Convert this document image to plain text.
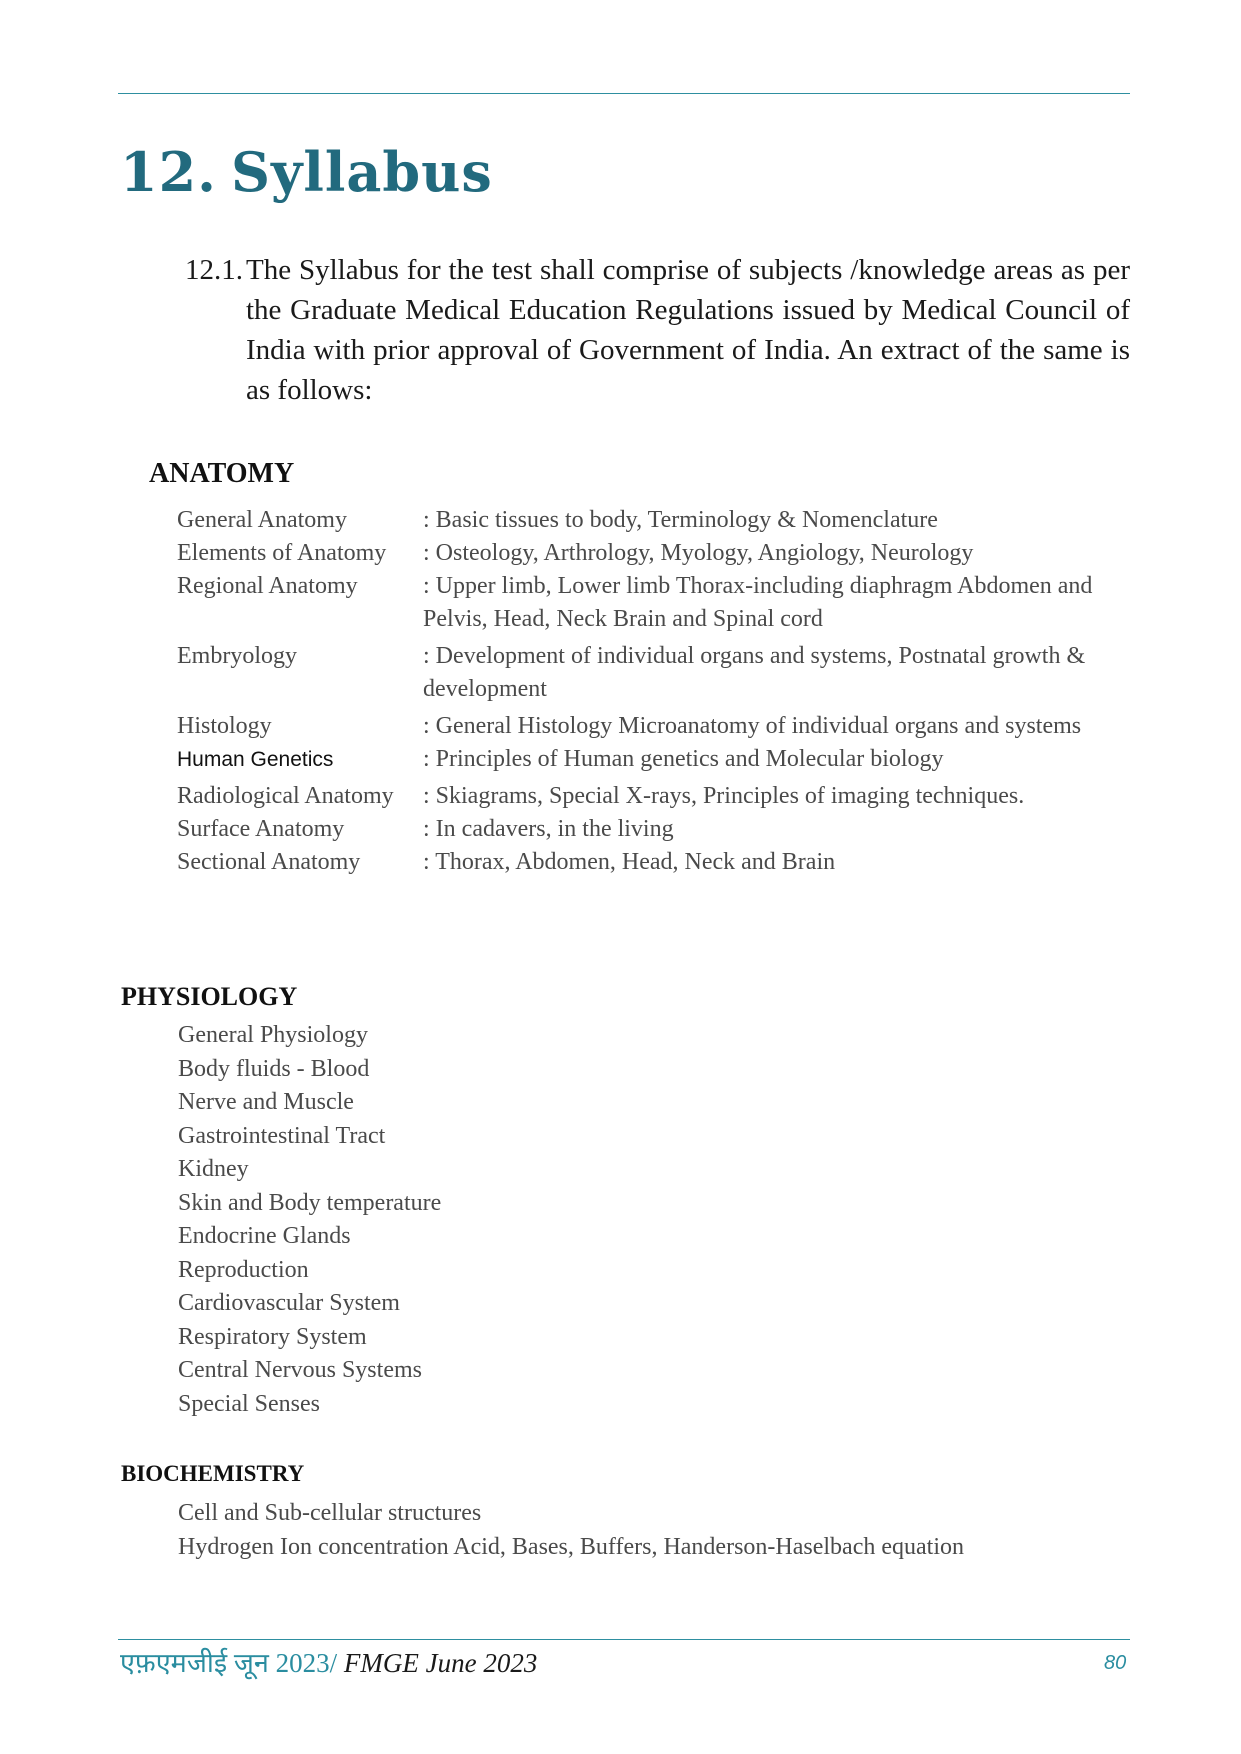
12. Syllabus
12.1. The Syllabus for the test shall comprise of subjects /knowledge areas as per the Graduate Medical Education Regulations issued by Medical Council of India with prior approval of Government of India. An extract of the same is as follows:
ANATOMY
General Anatomy	: Basic tissues to body, Terminology & Nomenclature
Elements of Anatomy	: Osteology, Arthrology, Myology, Angiology, Neurology
Regional Anatomy	: Upper limb, Lower limb Thorax-including diaphragm Abdomen and Pelvis, Head, Neck Brain and Spinal cord
Embryology	: Development of individual organs and systems, Postnatal growth & development
Histology	: General Histology Microanatomy of individual organs and systems
Human Genetics	: Principles of Human genetics and Molecular biology
Radiological Anatomy	: Skiagrams, Special X-rays, Principles of imaging techniques.
Surface Anatomy	: In cadavers, in the living
Sectional Anatomy	: Thorax, Abdomen, Head, Neck and Brain
PHYSIOLOGY
General Physiology
Body fluids - Blood
Nerve and Muscle
Gastrointestinal Tract
Kidney
Skin and Body temperature
Endocrine Glands
Reproduction
Cardiovascular System
Respiratory System
Central Nervous Systems
Special Senses
BIOCHEMISTRY
Cell and Sub-cellular structures
Hydrogen Ion concentration Acid, Bases, Buffers, Handerson-Haselbach equation
एफ़एमजीई जून 2023/ FMGE June 2023	80
